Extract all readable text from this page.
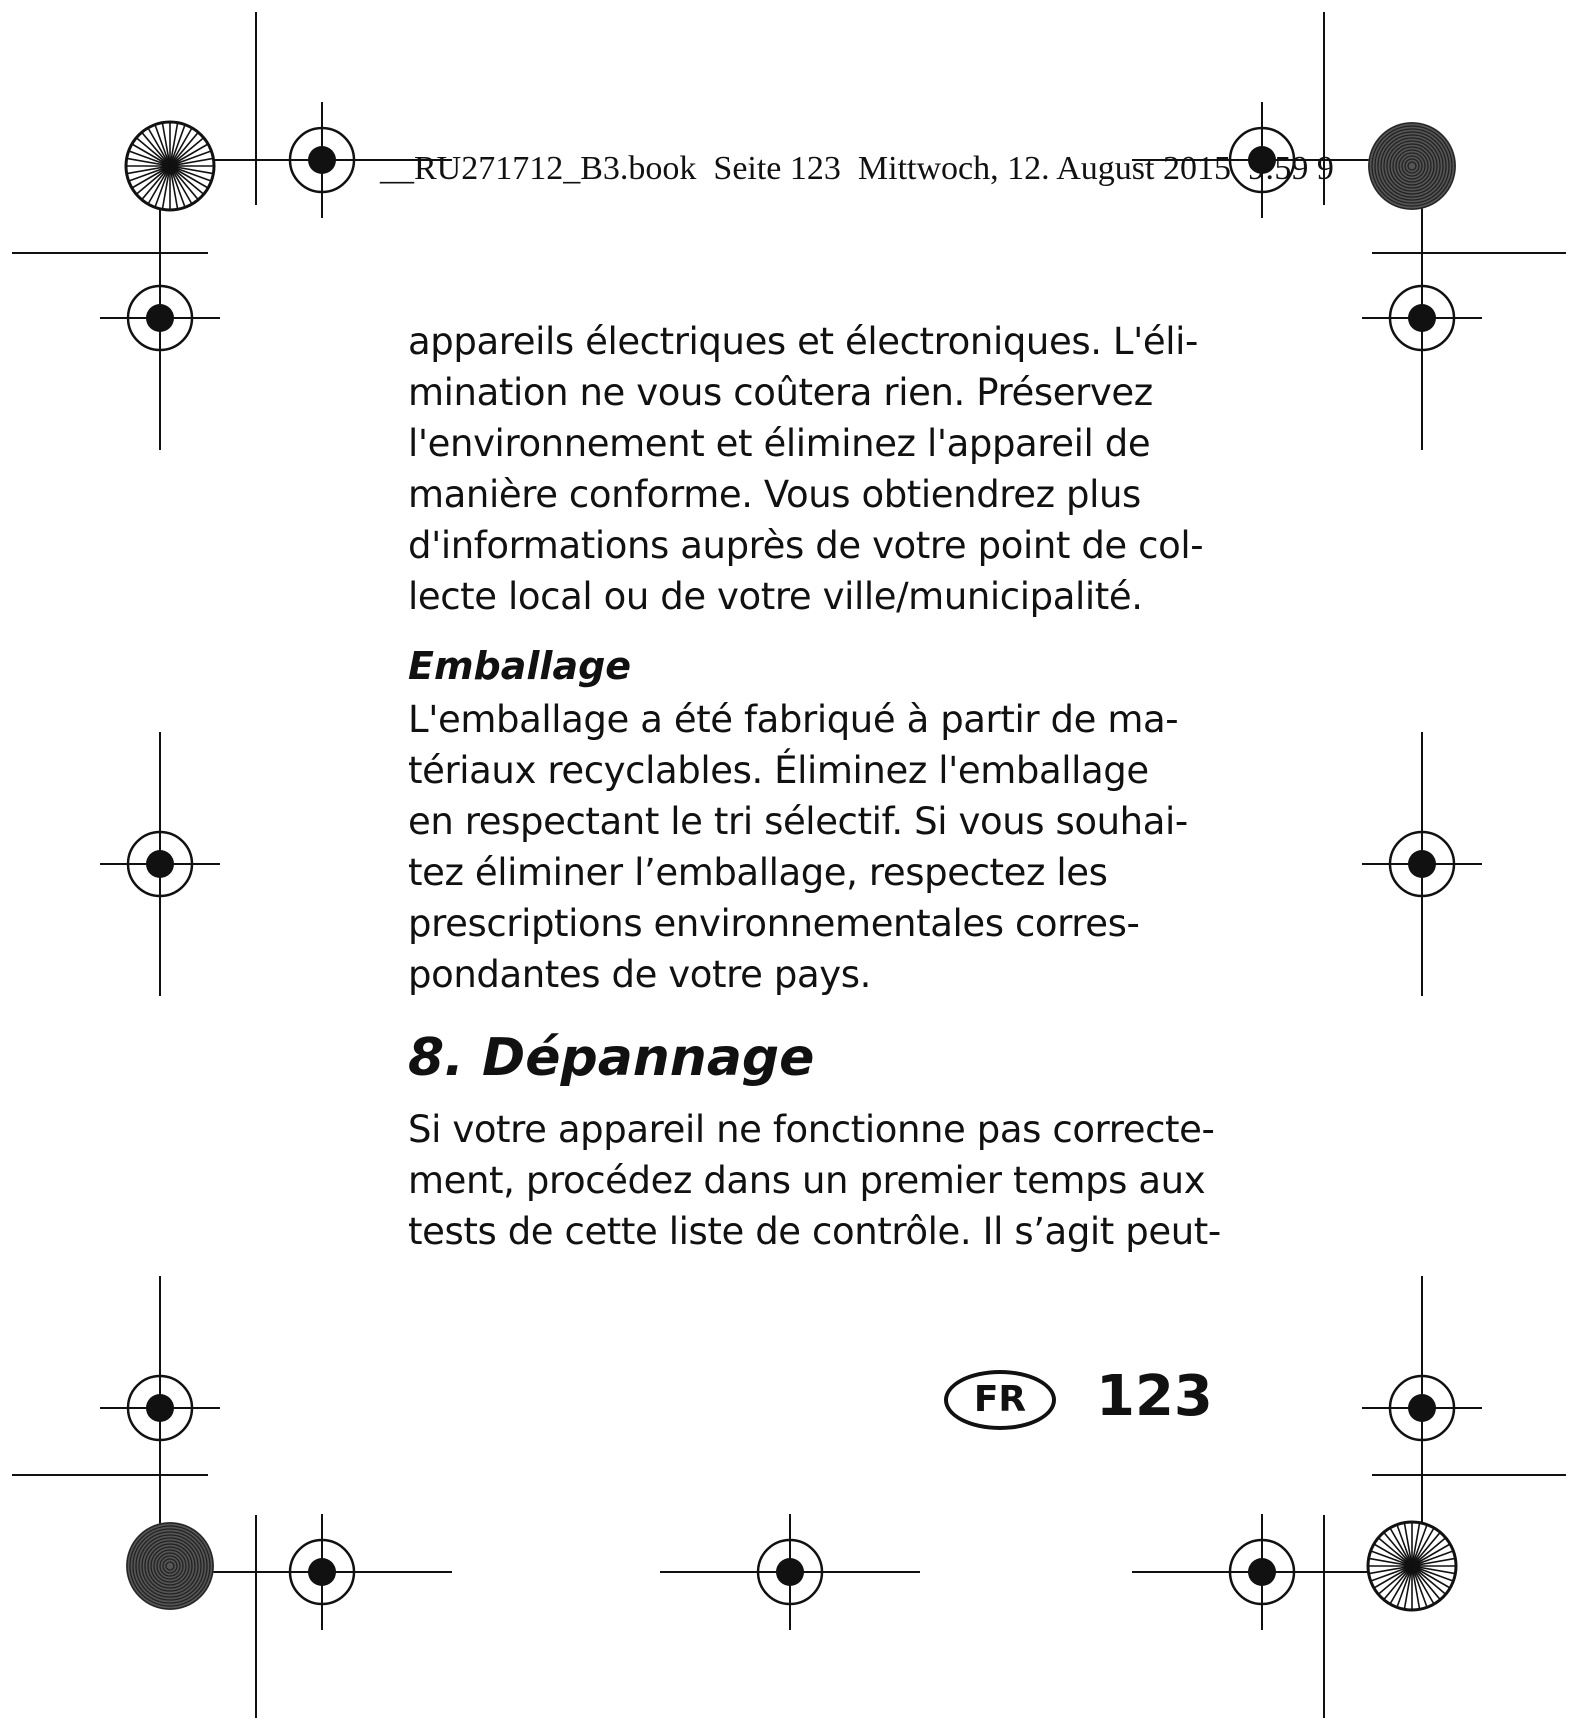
__RU271712_B3.book  Seite 123  Mittwoch, 12. August 2015  9:59 9

appareils électriques et électroniques. L'éli-
mination ne vous coûtera rien. Préservez
l'environnement et éliminez l'appareil de
manière conforme. Vous obtiendrez plus
d'informations auprès de votre point de col-
lecte local ou de votre ville/municipalité.

Emballage

L'emballage a été fabriqué à partir de ma-
tériaux recyclables. Éliminez l'emballage
en respectant le tri sélectif. Si vous souhai-
tez éliminer l’emballage, respectez les
prescriptions environnementales corres-
pondantes de votre pays.

8. Dépannage

Si votre appareil ne fonctionne pas correcte-
ment, procédez dans un premier temps aux
tests de cette liste de contrôle. Il s’agit peut-

FR	123
